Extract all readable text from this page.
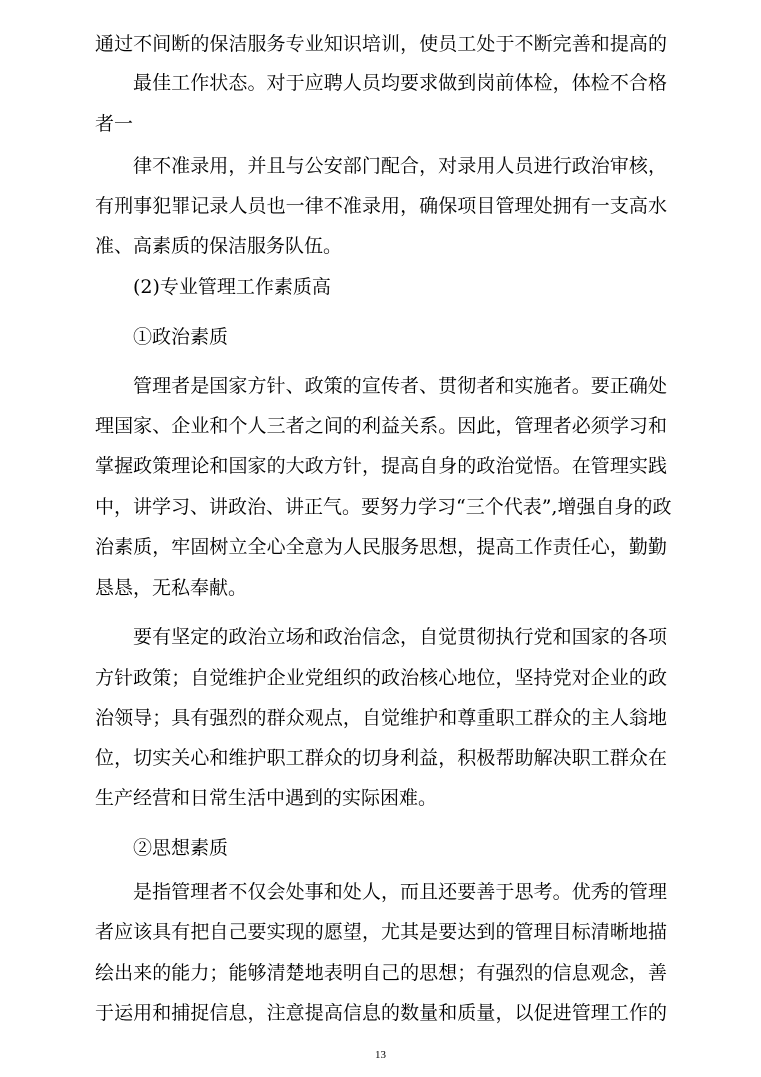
通过不间断的保洁服务专业知识培训，使员工处于不断完善和提高的
最佳工作状态。对于应聘人员均要求做到岗前体检，体检不合格
者一
律不准录用，并且与公安部门配合，对录用人员进行政治审核，
有刑事犯罪记录人员也一律不准录用，确保项目管理处拥有一支高水
准、高素质的保洁服务队伍。
(2)专业管理工作素质高
①政治素质
管理者是国家方针、政策的宣传者、贯彻者和实施者。要正确处
理国家、企业和个人三者之间的利益关系。因此，管理者必须学习和
掌握政策理论和国家的大政方针，提高自身的政治觉悟。在管理实践
中，讲学习、讲政治、讲正气。要努力学习“三个代表”,增强自身的政
治素质，牢固树立全心全意为人民服务思想，提高工作责任心，勤勤
恳恳，无私奉献。
要有坚定的政治立场和政治信念，自觉贯彻执行党和国家的各项
方针政策；自觉维护企业党组织的政治核心地位，坚持党对企业的政
治领导；具有强烈的群众观点，自觉维护和尊重职工群众的主人翁地
位，切实关心和维护职工群众的切身利益，积极帮助解决职工群众在
生产经营和日常生活中遇到的实际困难。
②思想素质
是指管理者不仅会处事和处人，而且还要善于思考。优秀的管理
者应该具有把自己要实现的愿望，尤其是要达到的管理目标清晰地描
绘出来的能力；能够清楚地表明自己的思想；有强烈的信息观念，善
于运用和捕捉信息，注意提高信息的数量和质量，以促进管理工作的
13
